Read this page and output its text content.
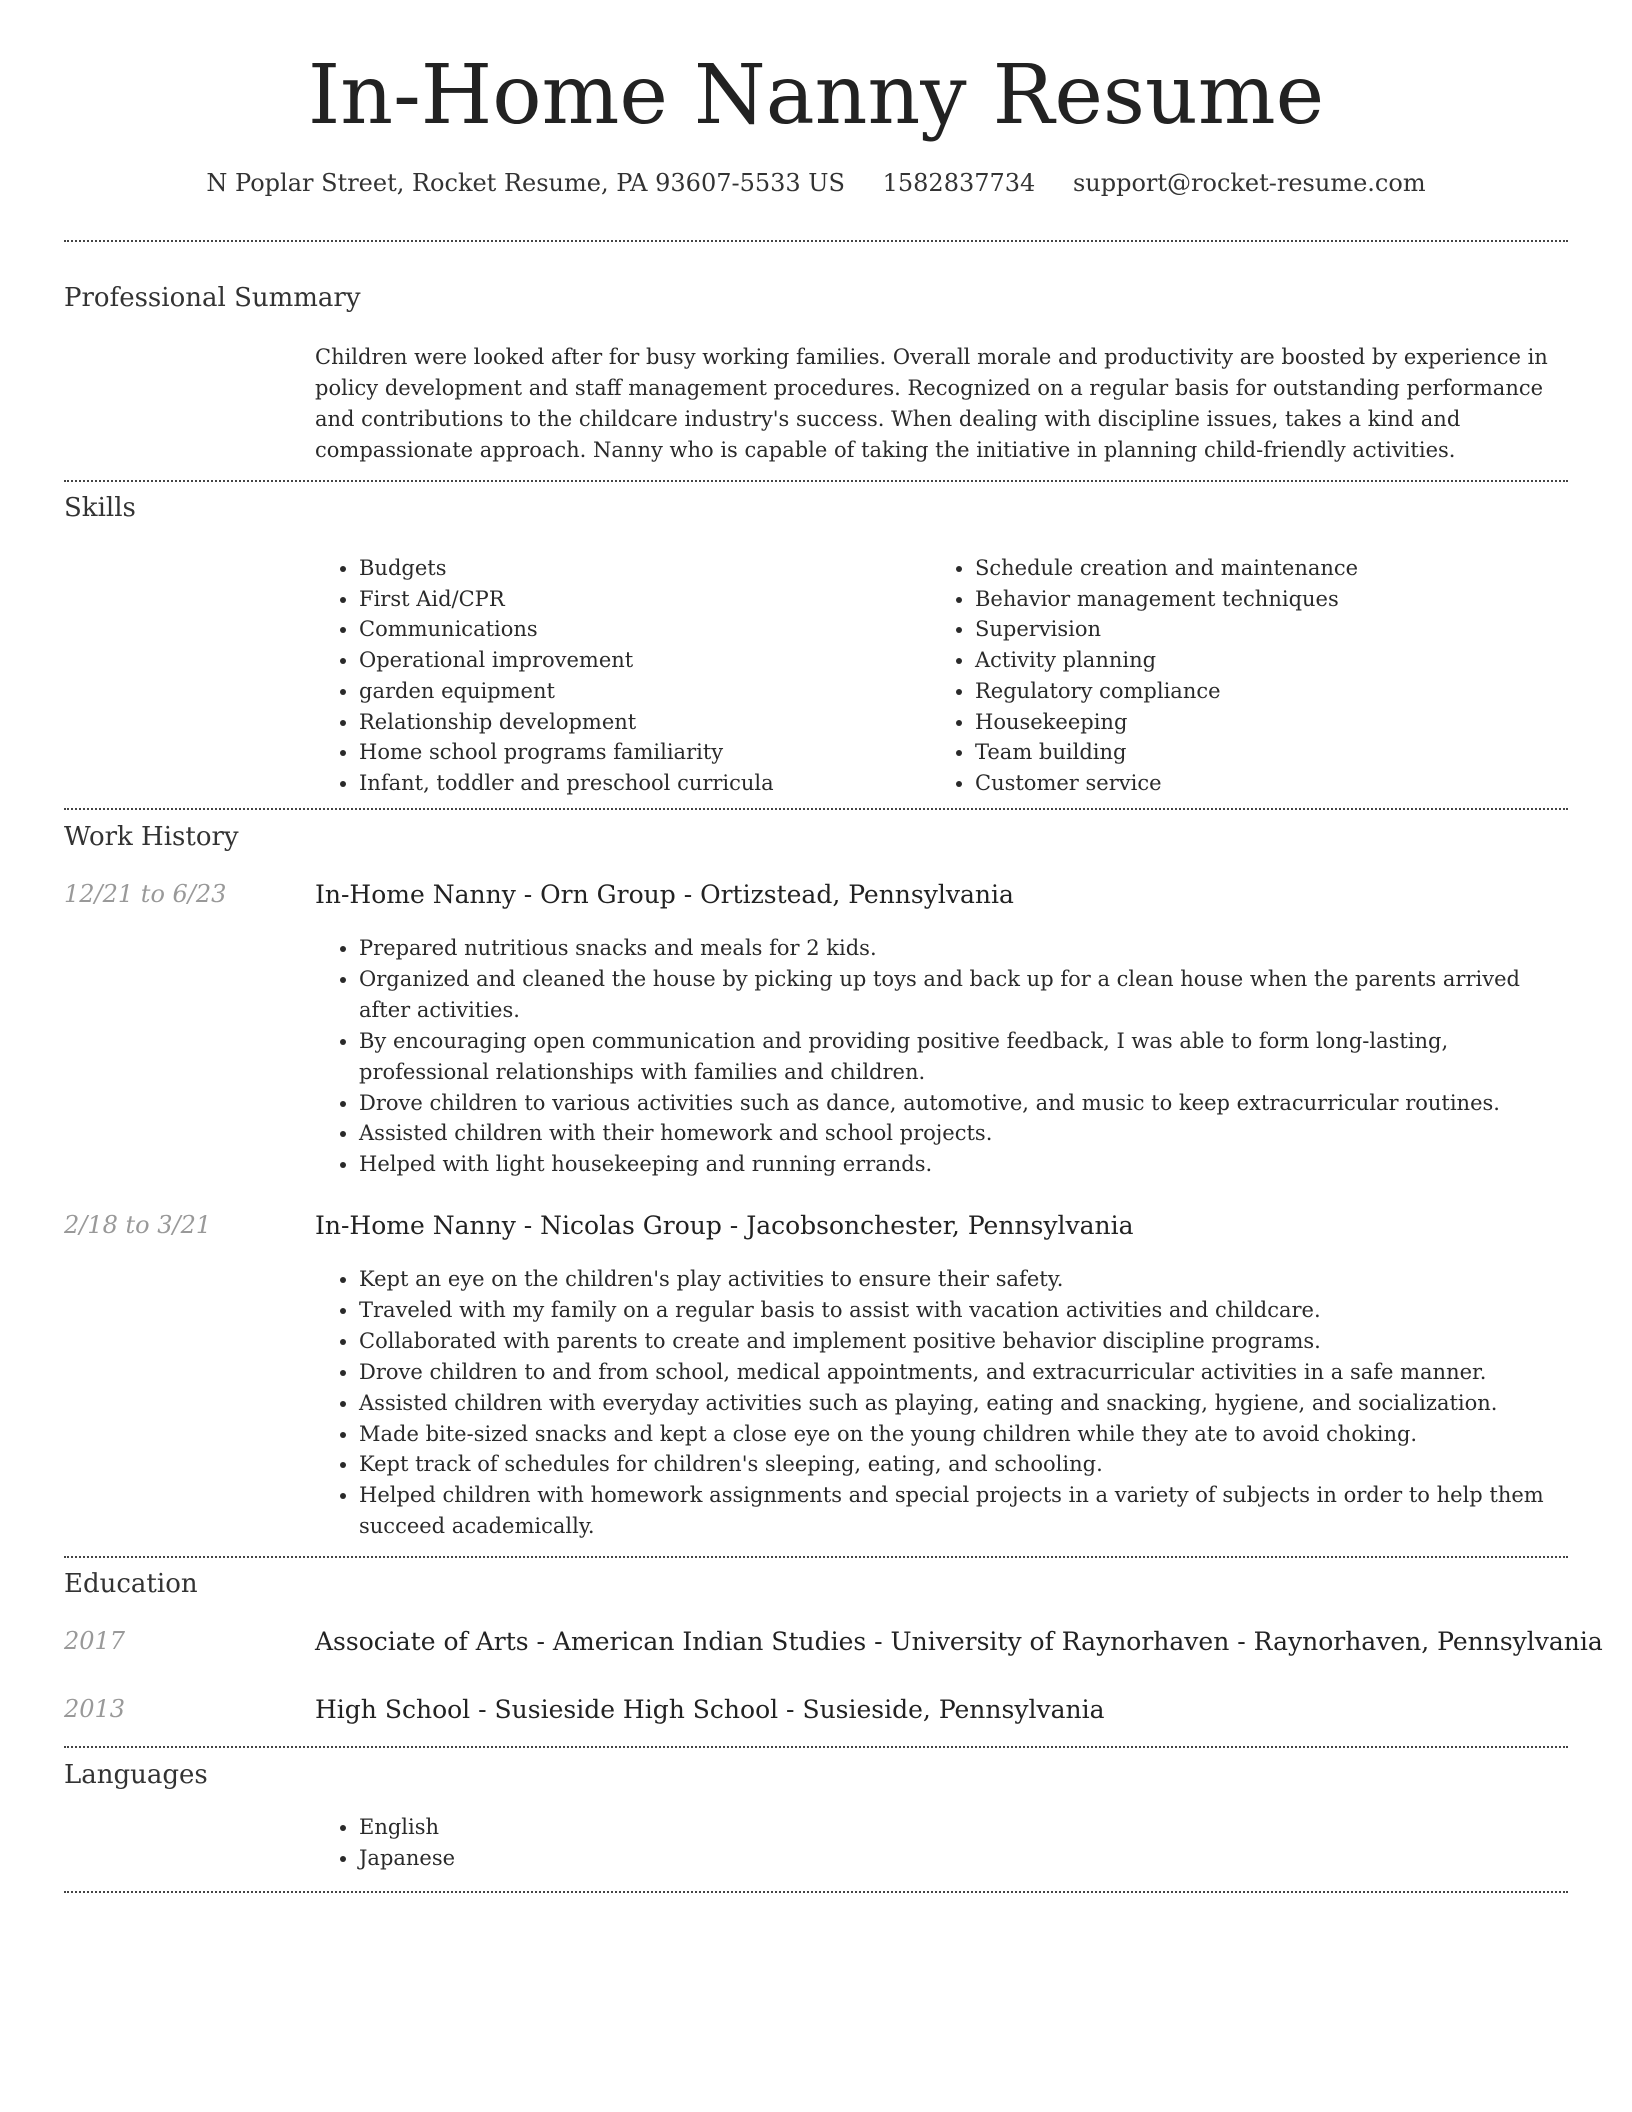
In-Home Nanny Resume
N Poplar Street, Rocket Resume, PA 93607-5533 US 1582837734 support@rocket-resume.com
Professional Summary
Children were looked after for busy working families. Overall morale and productivity are boosted by experience in policy development and staff management procedures. Recognized on a regular basis for outstanding performance and contributions to the childcare industry's success. When dealing with discipline issues, takes a kind and compassionate approach. Nanny who is capable of taking the initiative in planning child-friendly activities.
Skills
• Budgets
• First Aid/CPR
• Communications
• Operational improvement
• garden equipment
• Relationship development
• Home school programs familiarity
• Infant, toddler and preschool curricula
• Schedule creation and maintenance
• Behavior management techniques
• Supervision
• Activity planning
• Regulatory compliance
• Housekeeping
• Team building
• Customer service
Work History
12/21 to 6/23	In-Home Nanny - Orn Group - Ortizstead, Pennsylvania
• Prepared nutritious snacks and meals for 2 kids.
• Organized and cleaned the house by picking up toys and back up for a clean house when the parents arrived after activities.
• By encouraging open communication and providing positive feedback, I was able to form long-lasting, professional relationships with families and children.
• Drove children to various activities such as dance, automotive, and music to keep extracurricular routines.
• Assisted children with their homework and school projects.
• Helped with light housekeeping and running errands.
2/18 to 3/21	In-Home Nanny - Nicolas Group - Jacobsonchester, Pennsylvania
• Kept an eye on the children's play activities to ensure their safety.
• Traveled with my family on a regular basis to assist with vacation activities and childcare.
• Collaborated with parents to create and implement positive behavior discipline programs.
• Drove children to and from school, medical appointments, and extracurricular activities in a safe manner.
• Assisted children with everyday activities such as playing, eating and snacking, hygiene, and socialization.
• Made bite-sized snacks and kept a close eye on the young children while they ate to avoid choking.
• Kept track of schedules for children's sleeping, eating, and schooling.
• Helped children with homework assignments and special projects in a variety of subjects in order to help them succeed academically.
Education
2017	Associate of Arts - American Indian Studies - University of Raynorhaven - Raynorhaven, Pennsylvania
2013	High School - Susieside High School - Susieside, Pennsylvania
Languages
• English
• Japanese
